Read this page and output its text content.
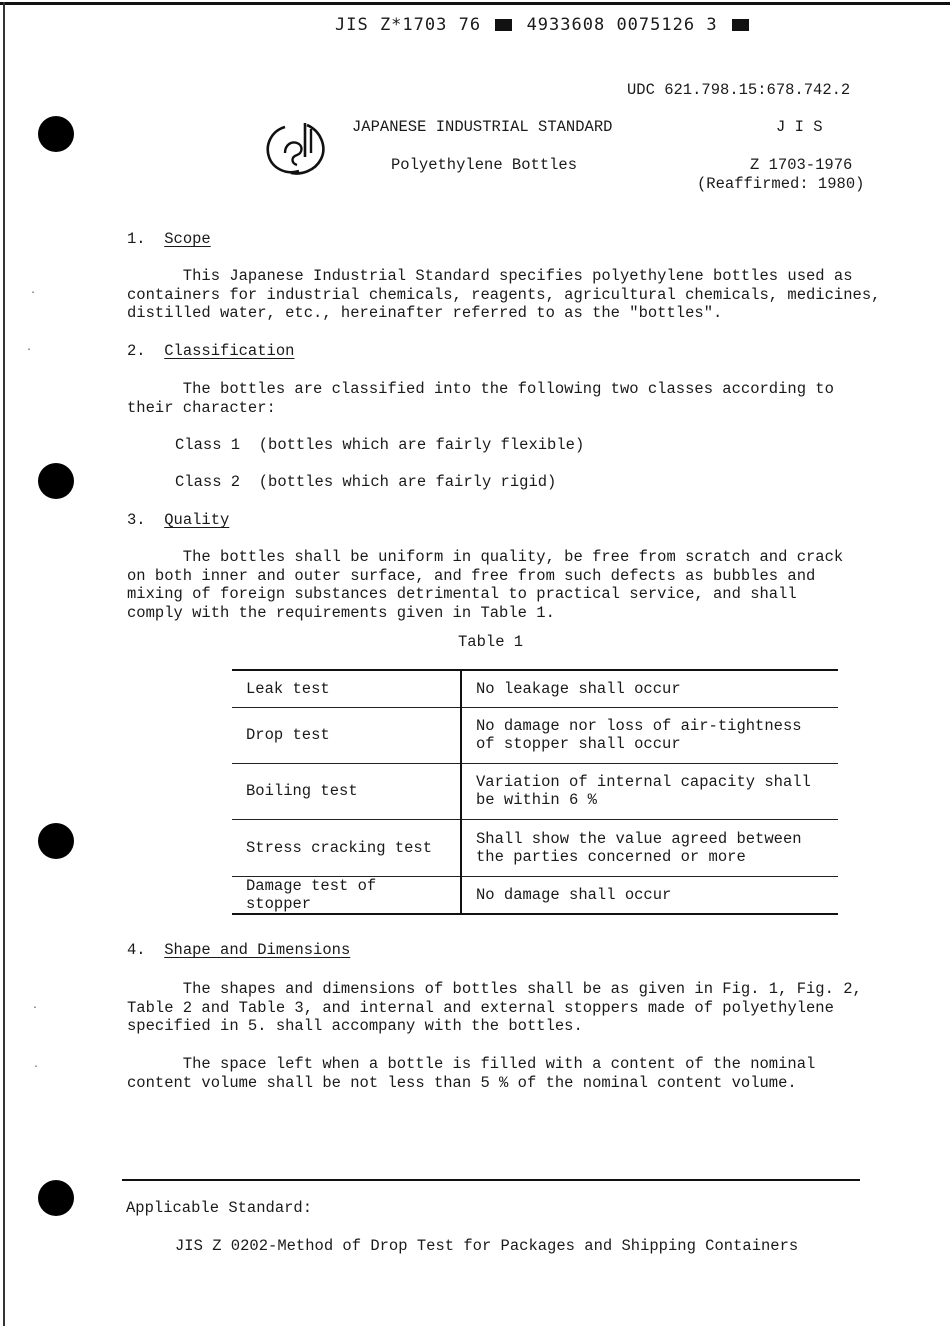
JIS Z*1703 76	4933608 0075126 3
UDC 621.798.15:678.742.2
JAPANESE INDUSTRIAL STANDARD	J I S
Polyethylene Bottles	Z 1703-1976
(Reaffirmed: 1980)
1. Scope
This Japanese Industrial Standard specifies polyethylene bottles used as
containers for industrial chemicals, reagents, agricultural chemicals, medicines,
distilled water, etc., hereinafter referred to as the "bottles".
2. Classification
The bottles are classified into the following two classes according to
their character:
Class 1  (bottles which are fairly flexible)
Class 2  (bottles which are fairly rigid)
3. Quality
The bottles shall be uniform in quality, be free from scratch and crack
on both inner and outer surface, and free from such defects as bubbles and
mixing of foreign substances detrimental to practical service, and shall
comply with the requirements given in Table 1.
Table 1
Leak test	No leakage shall occur
Drop test	No damage nor loss of air-tightness
of stopper shall occur
Boiling test	Variation of internal capacity shall
be within 6 %
Stress cracking test	Shall show the value agreed between
the parties concerned or more
Damage test of stopper	No damage shall occur
4. Shape and Dimensions
The shapes and dimensions of bottles shall be as given in Fig. 1, Fig. 2,
Table 2 and Table 3, and internal and external stoppers made of polyethylene
specified in 5. shall accompany with the bottles.
The space left when a bottle is filled with a content of the nominal
content volume shall be not less than 5 % of the nominal content volume.
Applicable Standard:
JIS Z 0202-Method of Drop Test for Packages and Shipping Containers
·
·
·
·
